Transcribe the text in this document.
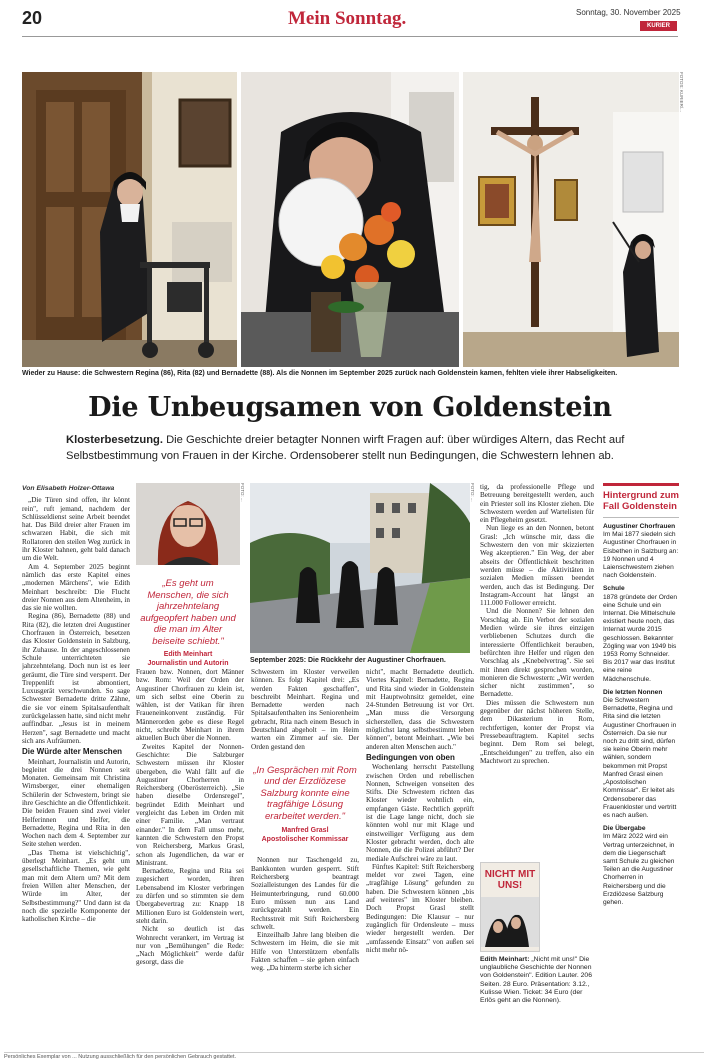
20	Mein Sonntag.	Sonntag, 30. November 2025
KURIER
FOTOS: KURIER/...
Wieder zu Hause: die Schwestern Regina (86), Rita (82) und Bernadette (88). Als die Nonnen im September 2025 zurück nach Goldenstein kamen, fehlten viele ihrer Habseligkeiten.
Die Unbeugsamen von Goldenstein
Klosterbesetzung. Die Geschichte dreier betagter Nonnen wirft Fragen auf: über würdiges Altern, das Recht auf Selbstbestimmung von Frauen in der Kirche. Ordensoberer stellt nun Bedingungen, die Schwestern lehnen ab.
Von Elisabeth Holzer-Ottawa

„Die Türen sind offen, ihr könnt rein", ruft jemand, nachdem der Schlüsseldienst seine Arbeit beendet hat. Das Bild dreier alter Frauen im schwarzen Habit, die sich mit Rollatoren den steilen Weg zurück in ihr Kloster bahnen, geht bald danach um die Welt.

Am 4. September 2025 beginnt nämlich das erste Kapitel eines „modernen Märchens", wie Edith Meinhart beschreibt: Die Flucht dreier Nonnen aus dem Altenheim, in das sie nie wollten.

Regina (86), Bernadette (88) und Rita (82), die letzten drei Augustiner Chorfrauen in Österreich, besetzen das Kloster Goldenstein in Salzburg, ihr Zuhause. In der angeschlossenen Schule unterrichteten sie jahrzehntelang. Doch nun ist es leer geräumt, die Türe sind versperrt. Der Treppenlift ist abmontiert, Luxusgerät verschwunden. So sage Schwester Bernadette dritte Zähne, die sie vor einem Spitalsaufenthalt zurückgelassen hatte, sind nicht mehr auffindbar. „Jesus ist in meinem Herzen", sagt Bernadette und macht sich ans Aufräumen.

Die Würde alter Menschen

Meinhart, Journalistin und Autorin, begleitet die drei Nonnen seit Monaten. Gemeinsam mit Christina Wirnsberger, einer ehemaligen Schülerin der Schwestern, bringt sie ihre Geschichte an die Öffentlichkeit. Die beiden Frauen sind zwei vieler Helferinnen und Helfer, die Bernadette, Regina und Rita in den Wochen nach dem 4. September zur Seite stehen werden.

„Das Thema ist vielschichtig", überlegt Meinhart. „Es geht um gesellschaftliche Themen, wie geht man mit dem Altern um? Mit dem freien Willen alter Menschen, der Würde im Alter, der Selbstbestimmung?" Und dann ist da noch die spezielle Komponente der katholischen Kirche – die

FOTO: ...
„Es geht um Menschen, die sich jahrzehntelang aufgeopfert haben und die man im Alter beiseite schiebt."
Edith Meinhart
Journalistin und Autorin
FOTO: ...
September 2025: Die Rückkehr der Augustiner Chorfrauen.

Frauen bzw. Nonnen, dort Männer bzw. Rom: Weil der Orden der Augustiner Chorfrauen zu klein ist, um sich selbst eine Oberin zu wählen, ist der Vatikan für ihren Fraueneinkonvent zuständig. Für Männerorden gebe es diese Regel nicht, schreibt Meinhart in ihrem aktuellen Buch über die Nonnen.

Zweites Kapitel der Nonnen-Geschichte: Die Salzburger Schwestern müssen ihr Kloster übergeben, die Wahl fällt auf die Augustiner Chorherren in Reichersberg (Oberösterreich). „Sie haben dieselbe Ordensregel", begründet Edith Meinhart und vergleicht das Leben im Orden mit einer Familie. „Man vertraut einander." In dem Fall umso mehr, kannten die Schwestern den Propst von Reichersberg, Markus Grasl, schon als Jugendlichen, da war er Ministrant.

Bernadette, Regina und Rita sei zugesichert worden, ihren Lebensabend im Kloster verbringen zu dürfen und so stimmten sie dem Übergabevertrag zu: Knapp 18 Millionen Euro ist Goldenstein wert, steht darin.

Nicht so deutlich ist das Wohnrecht verankert, im Vertrag ist nur von „Bemühungen" die Rede: „Nach Möglichkeit" werde dafür gesorgt, dass die

Schwestern im Kloster verweilen können. Es folgt Kapitel drei: „Es werden Fakten geschaffen", beschreibt Meinhart. Regina und Bernadette werden nach Spitalsaufenthalten ins Seniorenheim gebracht, Rita nach einem Besuch in Deutschland abgeholt – im Heim warten ein Zimmer auf sie. Der Orden gestand den

„In Gesprächen mit Rom und der Erzdiözese Salzburg konnte eine tragfähige Lösung erarbeitet werden."
Manfred Grasl
Apostolischer Kommissar

Nonnen nur Taschengeld zu, Bankkonten wurden gesperrt. Stift Reichersberg beantragt Sozialleistungen des Landes für die Heimunterbringung, rund 60.000 Euro müssen nun aus Land zurückgezahlt werden. Ein Rechtsstreit mit Stift Reichersberg schwelt.

Einzeilhalb Jahre lang bleiben die Schwestern im Heim, die sie mit Hilfe von Unterstützern ebenfalls Fakten schaffen – sie gehen einfach weg. „Da hinterm sterbe ich sicher

nicht", macht Bernadette deutlich. Viertes Kapitel: Bernadette, Regina und Rita sind wieder in Goldenstein mit Hauptwohnsitz gemeldet, eine 24-Stunden Betreuung ist vor Ort. „Man muss die Versorgung sicherstellen, dass die Schwestern möglichst lang selbstbestimmt leben können", betont Meinhart. „Wie bei anderen alten Menschen auch."

Bedingungen von oben

Wochenlang herrscht Patstellung zwischen Orden und rebellischen Nonnen, Schweigen vonseiten des Stifts. Die Schwestern richten das Kloster wieder wohnlich ein, empfangen Gäste. Rechtlich geprüft ist die Lage lange nicht, doch sie könnten wohl nur mit Klage und einstweiliger Verfügung aus dem Kloster gebracht werden, doch alte Nonnen, die die Polizei abführt? Der mediale Aufschrei wäre zu laut.

Fünftes Kapitel: Stift Reichersberg meldet vor zwei Tagen, eine „tragfähige Lösung" gefunden zu haben. Die Schwestern können „bis auf weiteres" im Kloster bleiben. Doch Propst Grasl stellt Bedingungen: Die Klausur – nur zugänglich für Ordensleute – muss wieder hergestellt werden. Der „umfassende Einsatz" von außen sei nicht mehr nö-

tig, da professionelle Pflege und Betreuung bereitgestellt werden, auch ein Priester soll ins Kloster ziehen. Die Schwestern werden auf Wartelisten für ein Pflegeheim gesetzt.

Nun liege es an den Nonnen, betont Grasl: „Ich wünsche mir, dass die Schwestern den von mir skizzierten Weg akzeptieren." Ein Weg, der aber abseits der Öffentlichkeit beschritten werden müsse – die Aktivitäten in sozialen Medien müssen beendet werden, auch das ist Bedingung. Der Instagram-Account hat längst an 111.000 Follower erreicht.

Und die Nonnen? Sie lehnen den Vorschlag ab. Ein Verbot der sozialen Medien würde sie ihres einzigen verbliebenen Schutzes durch die interessierte Öffentlichkeit berauben, befürchten ihre Helfer und rügen den Vorschlag als „Knebelvertrag". Sie sei mit ihnen direkt gesprochen worden, monieren die Schwestern: „Wir werden sicher nicht zustimmen", so Bernadette.

Dies müssen die Schwestern nun gegenüber der nächst höheren Stelle, dem Dikasterium in Rom, rechtfertigen, konter der Propst via Pressebeauftragtem. Kapitel sechs beginnt. Dem Rom sei belegt, „Entscheidungen" zu treffen, also ein Machtwort zu sprechen.

NICHT MIT UNS!
Edith Meinhart: „Nicht mit uns!" Die unglaubliche Geschichte der Nonnen von Goldenstein". Edition Lauter. 206 Seiten. 28 Euro. Präsentation: 3.12., Kulisse Wien. Ticket: 34 Euro (der Erlös geht an die Nonnen).
Hintergrund zum Fall Goldenstein
Augustiner Chorfrauen
Im Mai 1877 siedeln sich Augustiner Chorfrauen in Eisbethen in Salzburg an: 19 Nonnen und 4 Laienschwestern ziehen nach Goldenstein.
Schule
1878 gründete der Orden eine Schule und ein Internat. Die Mittelschule existiert heute noch, das Internat wurde 2015 geschlossen. Bekannter Zögling war von 1949 bis 1953 Romy Schneider. Bis 2017 war das Institut eine reine Mädchenschule.
Die letzten Nonnen
Die Schwestern Bernadette, Regina und Rita sind die letzten Augustiner Chorfrauen in Österreich. Da sie nur noch zu dritt sind, dürfen sie keine Oberin mehr wählen, sondern bekommen mit Propst Manfred Grasl einen „Apostolischen Kommissar". Er leitet als Ordensoberer das Frauenkloster und vertritt es nach außen.
Die Übergabe
Im März 2022 wird ein Vertrag unterzeichnet, in dem die Liegenschaft samt Schule zu gleichen Teilen an die Augustiner Chorherren in Reichersberg und die Erzdiözese Salzburg gehen.
Persönliches Exemplar von ... Nutzung ausschließlich für den persönlichen Gebrauch gestattet.
